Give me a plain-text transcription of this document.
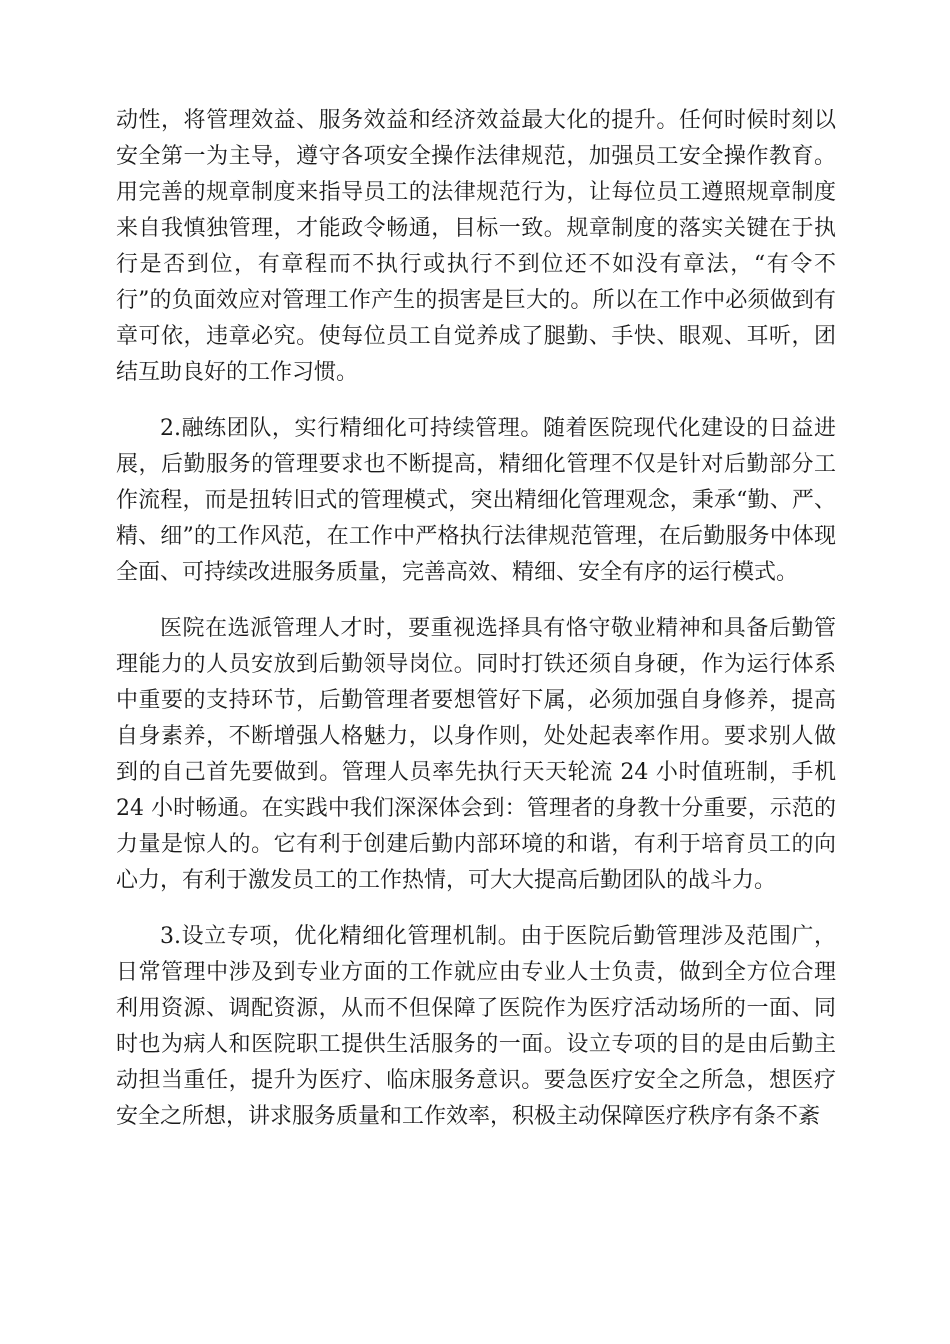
动性，将管理效益、服务效益和经济效益最大化的提升。任何时候时刻以安全第一为主导，遵守各项安全操作法律规范，加强员工安全操作教育。用完善的规章制度来指导员工的法律规范行为，让每位员工遵照规章制度来自我慎独管理，才能政令畅通，目标一致。规章制度的落实关键在于执行是否到位，有章程而不执行或执行不到位还不如没有章法，“有令不行”的负面效应对管理工作产生的损害是巨大的。所以在工作中必须做到有章可依，违章必究。使每位员工自觉养成了腿勤、手快、眼观、耳听，团结互助良好的工作习惯。

2.融练团队，实行精细化可持续管理。随着医院现代化建设的日益进展，后勤服务的管理要求也不断提高，精细化管理不仅是针对后勤部分工作流程，而是扭转旧式的管理模式，突出精细化管理观念，秉承“勤、严、精、细”的工作风范，在工作中严格执行法律规范管理，在后勤服务中体现全面、可持续改进服务质量，完善高效、精细、安全有序的运行模式。

医院在选派管理人才时，要重视选择具有恪守敬业精神和具备后勤管理能力的人员安放到后勤领导岗位。同时打铁还须自身硬，作为运行体系中重要的支持环节，后勤管理者要想管好下属，必须加强自身修养，提高自身素养，不断增强人格魅力，以身作则，处处起表率作用。要求别人做到的自己首先要做到。管理人员率先执行天天轮流 24 小时值班制，手机 24 小时畅通。在实践中我们深深体会到：管理者的身教十分重要，示范的力量是惊人的。它有利于创建后勤内部环境的和谐，有利于培育员工的向心力，有利于激发员工的工作热情，可大大提高后勤团队的战斗力。

3.设立专项，优化精细化管理机制。由于医院后勤管理涉及范围广，日常管理中涉及到专业方面的工作就应由专业人士负责，做到全方位合理利用资源、调配资源，从而不但保障了医院作为医疗活动场所的一面、同时也为病人和医院职工提供生活服务的一面。设立专项的目的是由后勤主动担当重任，提升为医疗、临床服务意识。要急医疗安全之所急，想医疗安全之所想，讲求服务质量和工作效率，积极主动保障医疗秩序有条不紊
